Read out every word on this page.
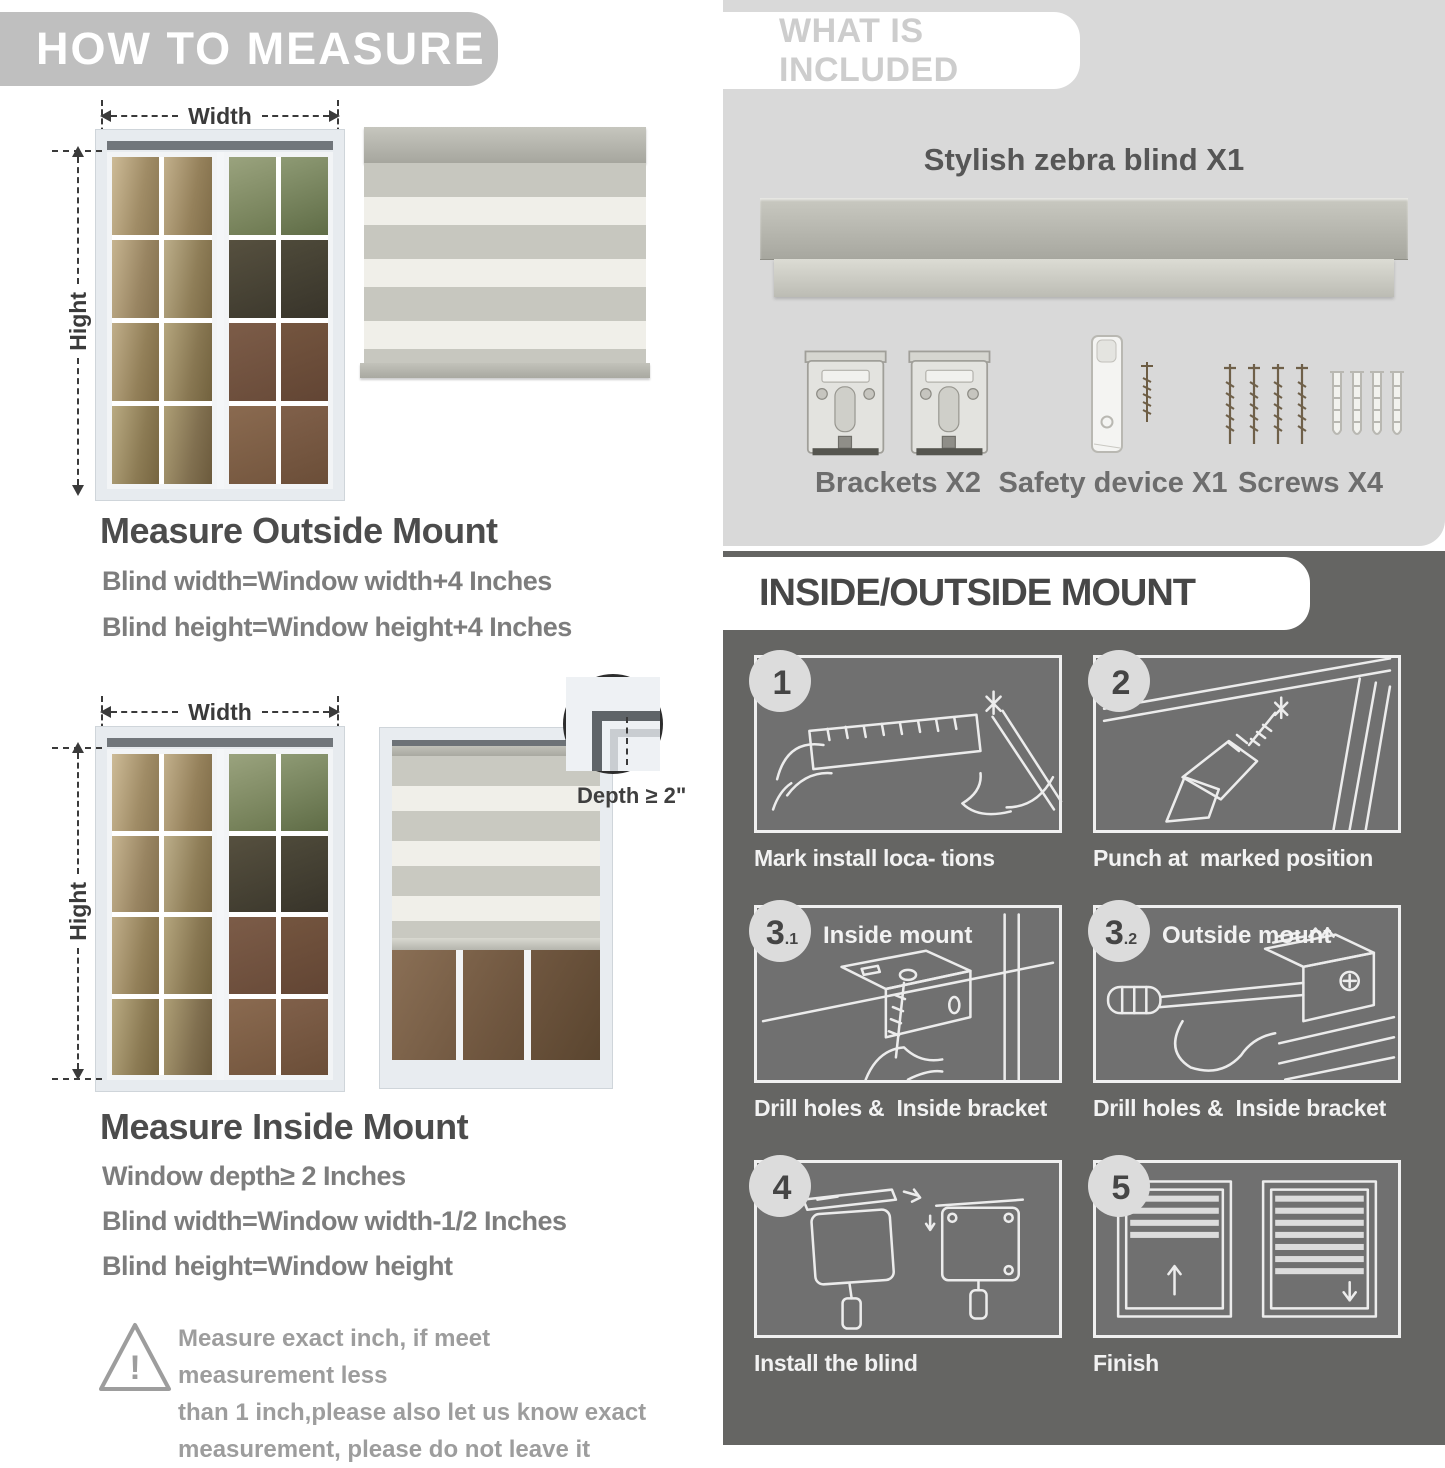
HOW TO MEASURE
Width
Hight
Measure Outside Mount
Blind width=Window width+4 Inches
Blind height=Window height+4 Inches
Width
Hight
Depth ≥ 2"
Measure Inside Mount
Window depth≥ 2 Inches
Blind width=Window width-1/2 Inches
Blind height=Window height
!
Measure exact inch, if meet measurement less
than 1 inch,please also let us know exact
measurement, please do not leave it
WHAT IS INCLUDED
Stylish zebra blind X1
Brackets X2 Safety device X1 Screws X4
INSIDE/OUTSIDE MOUNT
1
Mark install loca- tions
2
Punch at  marked position
3 .1 Inside mount
Drill holes &  Inside bracket
3 .2 Outside mount
Drill holes &  Inside bracket
4
Install the blind
5
Finish
